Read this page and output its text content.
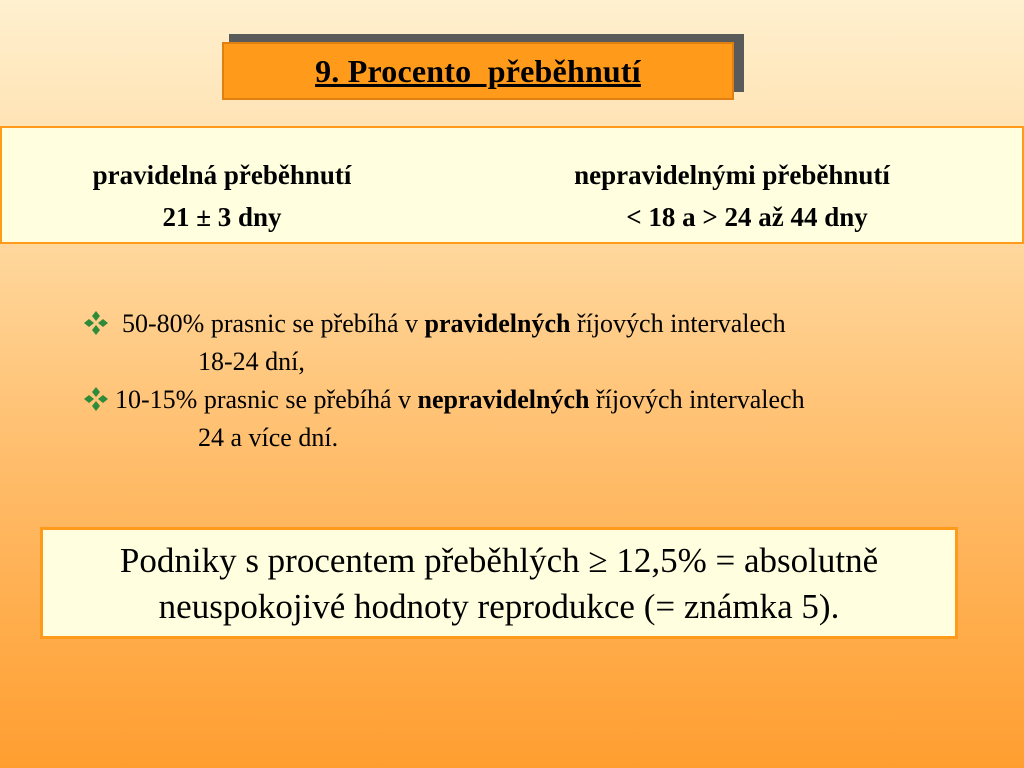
9. Procento  přeběhnutí
pravidelná přeběhnutí
21 ± 3 dny
nepravidelnými přeběhnutí
< 18 a > 24 až 44 dny
50-80% prasnic se přebíhá v pravidelných říjových intervalech
18-24 dní,
10-15% prasnic se přebíhá v nepravidelných říjových intervalech
24 a více dní.
Podniky s procentem přeběhlých ≥ 12,5% = absolutně
neuspokojivé hodnoty reprodukce (= známka 5).
